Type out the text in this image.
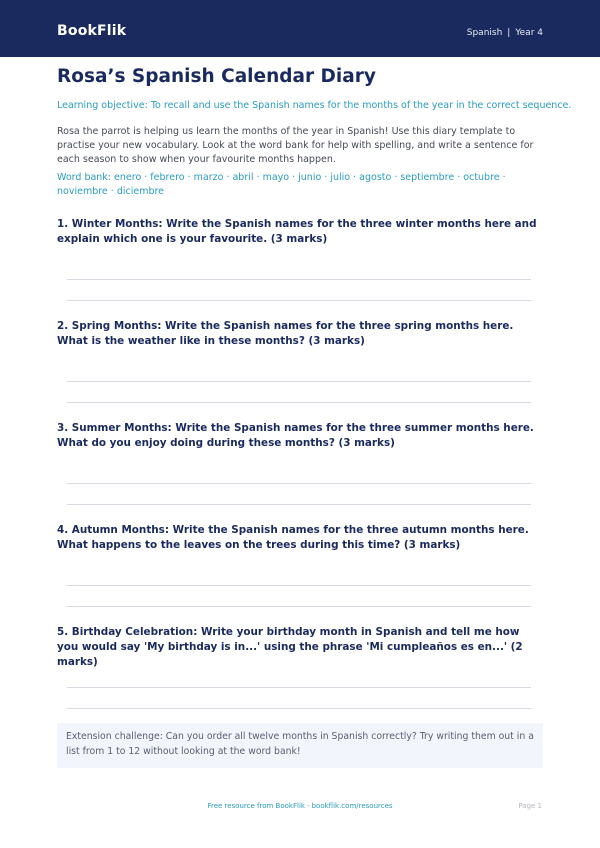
BookFlik	Spanish | Year 4
Rosa’s Spanish Calendar Diary

Learning objective: To recall and use the Spanish names for the months of the year in the correct sequence.

Rosa the parrot is helping us learn the months of the year in Spanish! Use this diary template to practise your new vocabulary. Look at the word bank for help with spelling, and write a sentence for each season to show when your favourite months happen.

Word bank: enero · febrero · marzo · abril · mayo · junio · julio · agosto · septiembre · octubre · noviembre · diciembre

1. Winter Months: Write the Spanish names for the three winter months here and explain which one is your favourite. (3 marks)
2. Spring Months: Write the Spanish names for the three spring months here. What is the weather like in these months? (3 marks)
3. Summer Months: Write the Spanish names for the three summer months here. What do you enjoy doing during these months? (3 marks)
4. Autumn Months: Write the Spanish names for the three autumn months here. What happens to the leaves on the trees during this time? (3 marks)
5. Birthday Celebration: Write your birthday month in Spanish and tell me how you would say 'My birthday is in...' using the phrase 'Mi cumpleaños es en...' (2 marks)

Extension challenge: Can you order all twelve months in Spanish correctly? Try writing them out in a list from 1 to 12 without looking at the word bank!

Free resource from BookFlik · bookflik.com/resources	Page 1
